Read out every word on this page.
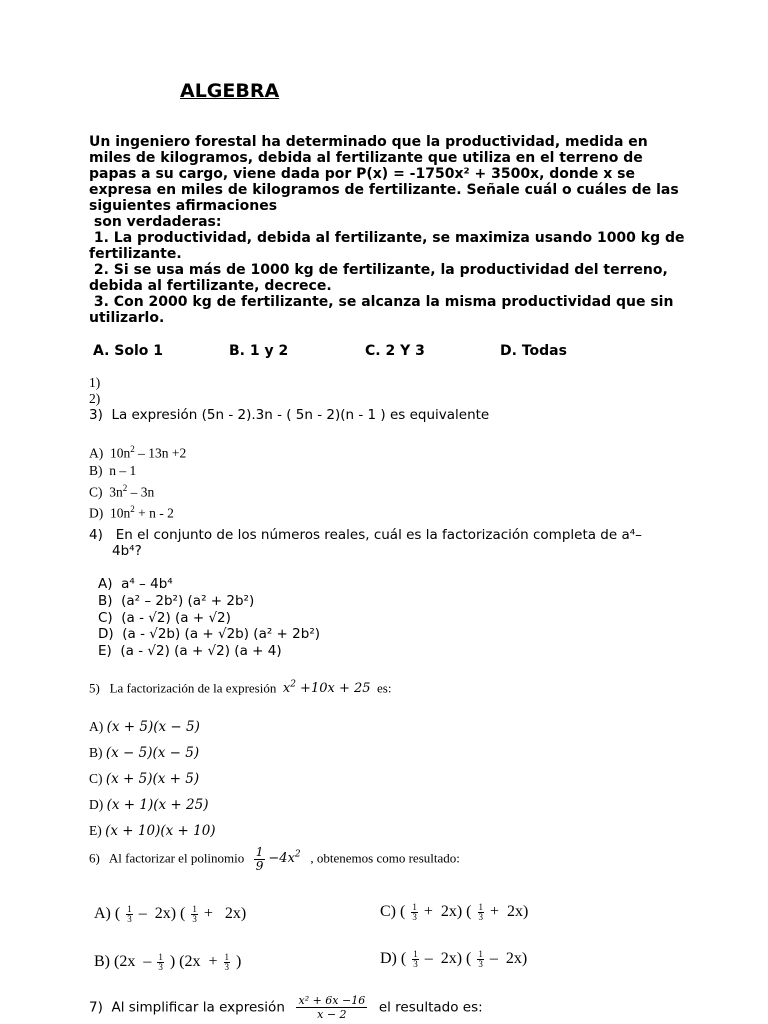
ALGEBRA
Un ingeniero forestal ha determinado que la productividad, medida en
miles de kilogramos, debida al fertilizante que utiliza en el terreno de
papas a su cargo, viene dada por P(x) = -1750x² + 3500x, donde x se
expresa en miles de kilogramos de fertilizante. Señale cuál o cuáles de las
siguientes afirmaciones
son verdaderas:
1. La productividad, debida al fertilizante, se maximiza usando 1000 kg de
fertilizante.
2. Si se usa más de 1000 kg de fertilizante, la productividad del terreno,
debida al fertilizante, decrece.
3. Con 2000 kg de fertilizante, se alcanza la misma productividad que sin
utilizarlo.
A. Solo 1	B. 1 y 2	C. 2 Y 3	D. Todas
1)
2)
3) La expresión (5n - 2).3n - ( 5n - 2)(n - 1 ) es equivalente
A) $10n^2 - 13n +2$
B) n – 1
C) $3n^2 - 3n$
D) $10n^2 + n - 2$
4) En el conjunto de los números reales, cuál es la factorización completa de a⁴–
4b⁴?
A)  a⁴ – 4b⁴
B)  (a² – 2b²) (a² + 2b²)
C)  (a - √2) (a + √2)
D)  (a - √2b) (a + √2b) (a² + 2b²)
E)  (a - √2) (a + √2) (a + 4)
5) La factorización de la expresión $x^2 +10x + 25$ es:
A) (x + 5)(x − 5)
B) (x − 5)(x − 5)
C) (x + 5)(x + 5)
D) (x + 1)(x + 25)
E) (x + 10)(x + 10)
6) Al factorizar el polinomio $\frac{1}{9} -4x^2$ , obtenemos como resultado:
A) ( $\frac{1}{3} - 2x$) ( $\frac{1}{3} + 2x$)	C) ( $\frac{1}{3} + 2x$) ( $\frac{1}{3} + 2x$)
B) ($2x - \frac{1}{3}$ ) ($2x + \frac{1}{3}$ )	D) ( $\frac{1}{3} - 2x$) ( $\frac{1}{3} - 2x$)
7) Al simplificar la expresión $\frac{\text{x² + 6x −16}}{x - 2}$ el resultado es:
